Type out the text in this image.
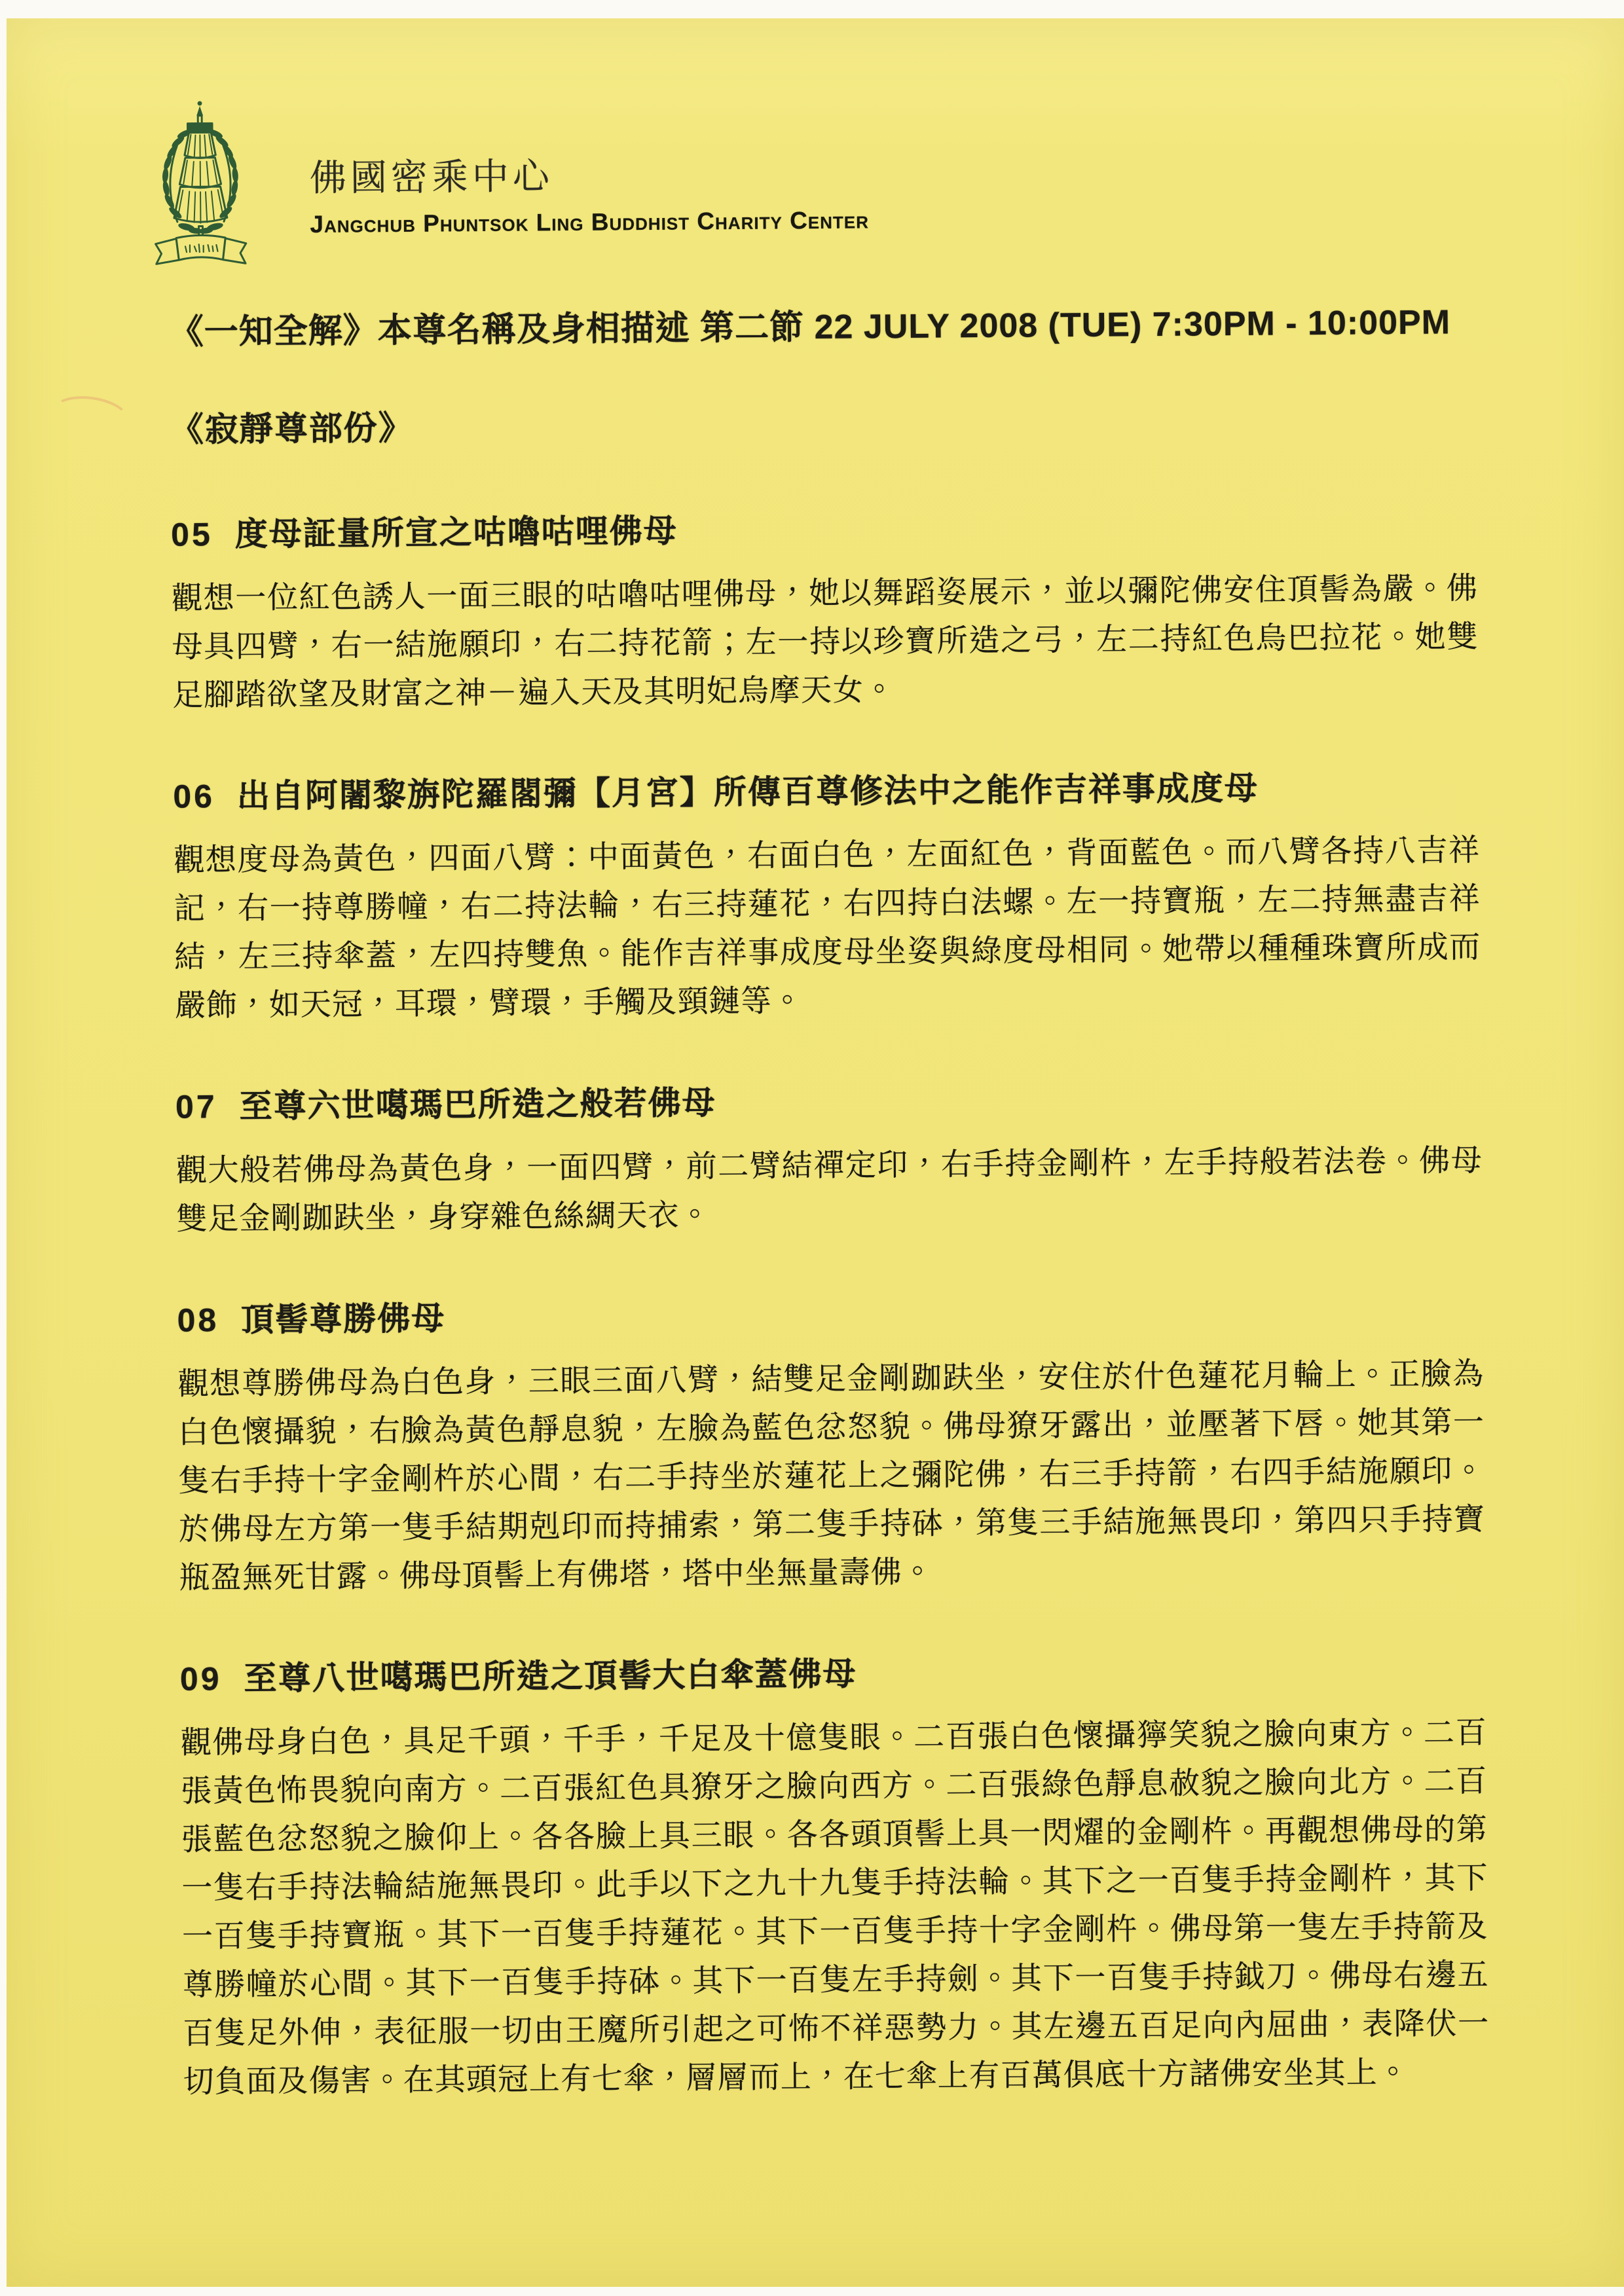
佛國密乘中心
Jangchub Phuntsok Ling Buddhist Charity Center
《一知全解》本尊名稱及身相描述 第二節 22 JULY 2008 (TUE) 7:30PM - 10:00PM
《寂靜尊部份》
05 度母証量所宣之咕嚕咕哩佛母
觀想一位紅色誘人一面三眼的咕嚕咕哩佛母，她以舞蹈姿展示，並以彌陀佛安住頂髻為嚴。佛母具四臂，右一結施願印，右二持花箭；左一持以珍寶所造之弓，左二持紅色烏巴拉花。她雙足腳踏欲望及財富之神－遍入天及其明妃烏摩天女。
06 出自阿闍黎旃陀羅閣彌【月宮】所傳百尊修法中之能作吉祥事成度母
觀想度母為黃色，四面八臂：中面黃色，右面白色，左面紅色，背面藍色。而八臂各持八吉祥記，右一持尊勝幢，右二持法輪，右三持蓮花，右四持白法螺。左一持寶瓶，左二持無盡吉祥結，左三持傘蓋，左四持雙魚。能作吉祥事成度母坐姿與綠度母相同。她帶以種種珠寶所成而嚴飾，如天冠，耳環，臂環，手觸及頸鏈等。
07 至尊六世噶瑪巴所造之般若佛母
觀大般若佛母為黃色身，一面四臂，前二臂結禪定印，右手持金剛杵，左手持般若法卷。佛母雙足金剛跏趺坐，身穿雜色絲綢天衣。
08 頂髻尊勝佛母
觀想尊勝佛母為白色身，三眼三面八臂，結雙足金剛跏趺坐，安住於什色蓮花月輪上。正臉為白色懷攝貌，右臉為黃色靜息貌，左臉為藍色忿怒貌。佛母獠牙露出，並壓著下唇。她其第一隻右手持十字金剛杵於心間，右二手持坐於蓮花上之彌陀佛，右三手持箭，右四手結施願印。於佛母左方第一隻手結期剋印而持捕索，第二隻手持砵，第隻三手結施無畏印，第四只手持寶瓶盈無死甘露。佛母頂髻上有佛塔，塔中坐無量壽佛。
09 至尊八世噶瑪巴所造之頂髻大白傘蓋佛母
觀佛母身白色，具足千頭，千手，千足及十億隻眼。二百張白色懷攝獰笑貌之臉向東方。二百張黃色怖畏貌向南方。二百張紅色具獠牙之臉向西方。二百張綠色靜息赦貌之臉向北方。二百張藍色忿怒貌之臉仰上。各各臉上具三眼。各各頭頂髻上具一閃燿的金剛杵。再觀想佛母的第一隻右手持法輪結施無畏印。此手以下之九十九隻手持法輪。其下之一百隻手持金剛杵，其下一百隻手持寶瓶。其下一百隻手持蓮花。其下一百隻手持十字金剛杵。佛母第一隻左手持箭及尊勝幢於心間。其下一百隻手持砵。其下一百隻左手持劍。其下一百隻手持鉞刀。佛母右邊五百隻足外伸，表征服一切由王魔所引起之可怖不祥惡勢力。其左邊五百足向內屈曲，表降伏一切負面及傷害。在其頭冠上有七傘，層層而上，在七傘上有百萬俱底十方諸佛安坐其上。
